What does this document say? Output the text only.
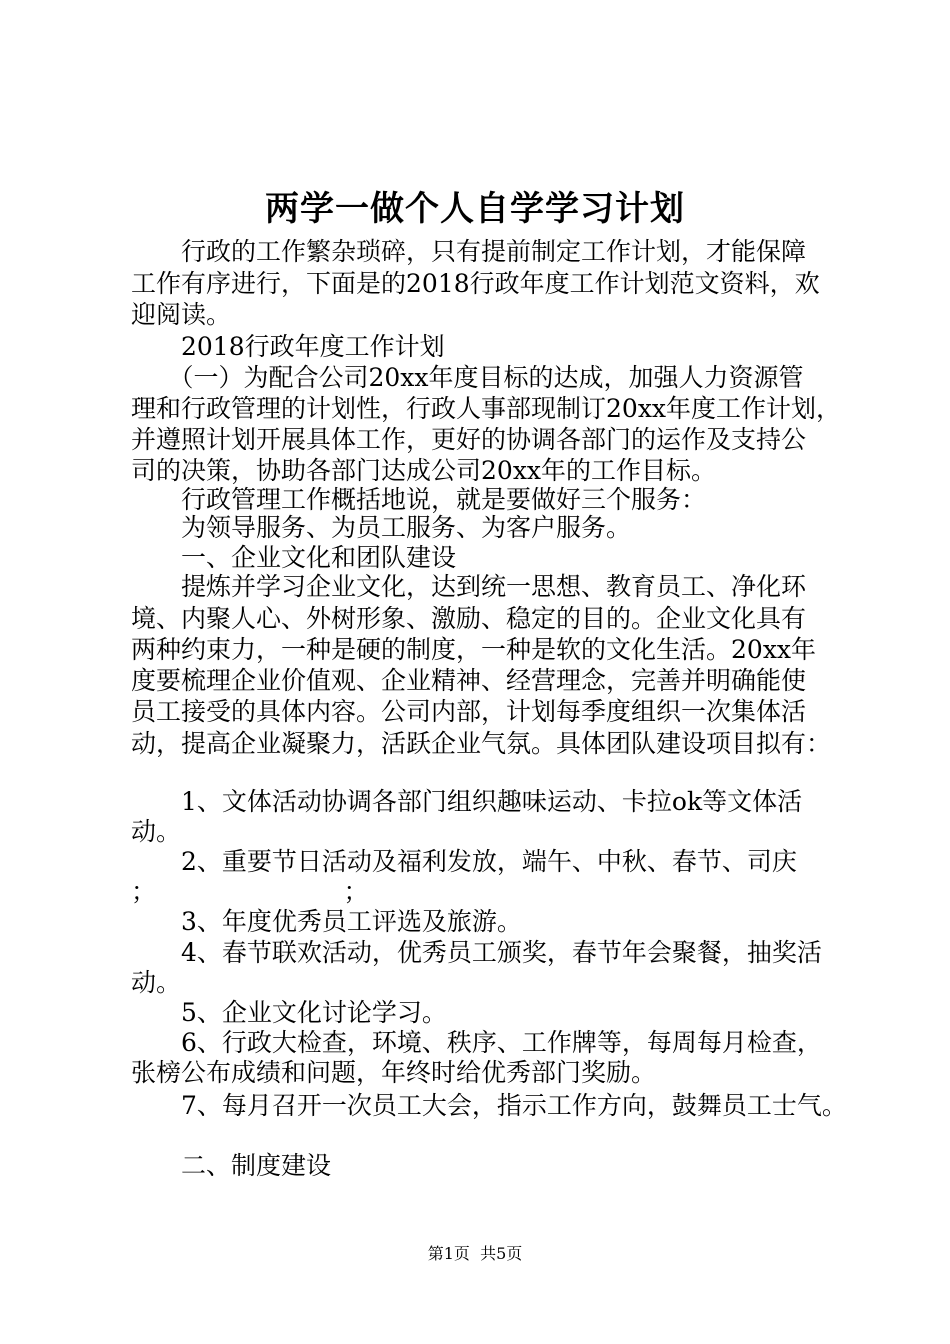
两学一做个人自学学习计划

　　行政的工作繁杂琐碎，只有提前制定工作计划，才能保障

工作有序进行，下面是的2018行政年度工作计划范文资料，欢

迎阅读。

　　2018行政年度工作计划

　　（一）为配合公司20xx年度目标的达成，加强人力资源管

理和行政管理的计划性，行政人事部现制订20xx年度工作计划，

并遵照计划开展具体工作，更好的协调各部门的运作及支持公

司的决策，协助各部门达成公司20xx年的工作目标。

　　行政管理工作概括地说，就是要做好三个服务：

　　为领导服务、为员工服务、为客户服务。

　　一、企业文化和团队建设

　　提炼并学习企业文化，达到统一思想、教育员工、净化环

境、内聚人心、外树形象、激励、稳定的目的。企业文化具有

两种约束力，一种是硬的制度，一种是软的文化生活。20xx年

度要梳理企业价值观、企业精神、经营理念，完善并明确能使

员工接受的具体内容。公司内部，计划每季度组织一次集体活

动，提高企业凝聚力，活跃企业气氛。具体团队建设项目拟有：

　　1、文体活动协调各部门组织趣味运动、卡拉ok等文体活

动。

　　2、重要节日活动及福利发放，端午、中秋、春节、司庆

；　　　　　　　　；

　　3、年度优秀员工评选及旅游。

　　4、春节联欢活动，优秀员工颁奖，春节年会聚餐，抽奖活

动。

　　5、企业文化讨论学习。

　　6、行政大检查，环境、秩序、工作牌等，每周每月检查，

张榜公布成绩和问题，年终时给优秀部门奖励。

　　7、每月召开一次员工大会，指示工作方向，鼓舞员工士气。

　　二、制度建设

第1页  共5页
